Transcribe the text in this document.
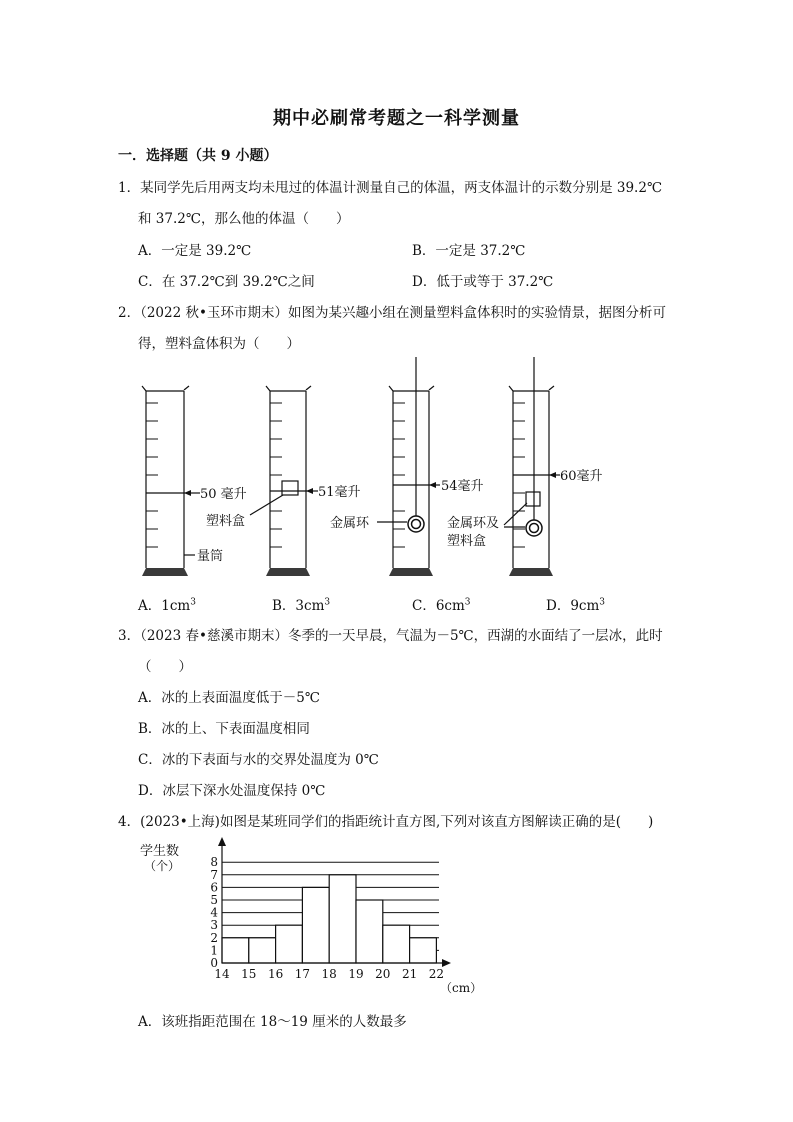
期中必刷常考题之一科学测量
一．选择题（共 9 小题）
1．某同学先后用两支均未甩过的体温计测量自己的体温，两支体温计的示数分别是 39.2℃
和 37.2℃，那么他的体温（　　）
A．一定是 39.2℃	B．一定是 37.2℃
C．在 37.2℃到 39.2℃之间	D．低于或等于 37.2℃
2．（2022 秋•玉环市期末）如图为某兴趣小组在测量塑料盒体积时的实验情景，据图分析可
得，塑料盒体积为（　　）
50 毫升
量筒
51毫升
塑料盒
54毫升
金属环
60毫升
金属环及
塑料盒
A．$1cm^3$	B．$3cm^3$	C．$6cm^3$	D．$9cm^3$
3．（2023 春•慈溪市期末）冬季的一天早晨，气温为－5℃，西湖的水面结了一层冰，此时
（　　）
A．冰的上表面温度低于－5℃
B．冰的上、下表面温度相同
C．冰的下表面与水的交界处温度为 0℃
D．冰层下深水处温度保持 0℃
4．(2023•上海)如图是某班同学们的指距统计直方图,下列对该直方图解读正确的是(　　)
0
1
2
3
4
5
6
7
8
14 15 16 17 18 19 20 21 22
学生数
（个）
（cm）
A．该班指距范围在 18～19 厘米的人数最多
